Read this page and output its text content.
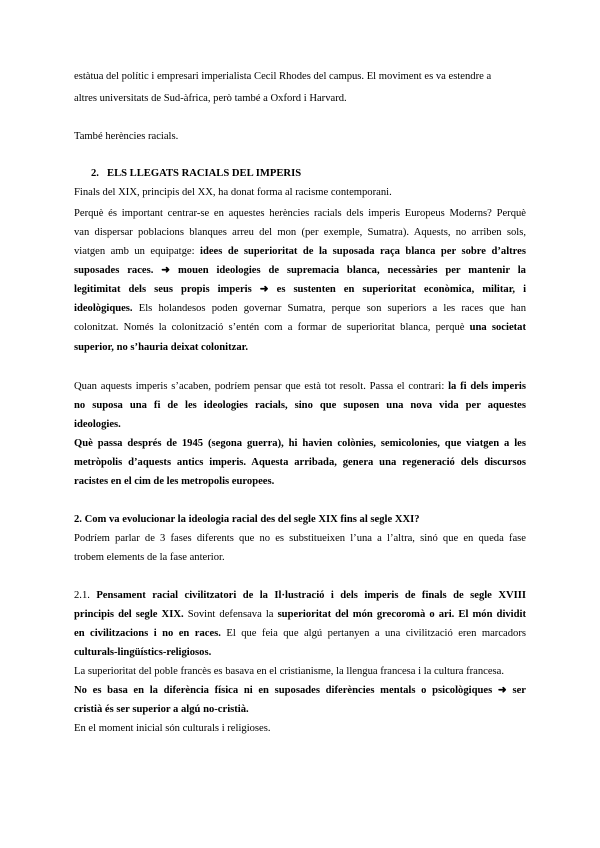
estàtua del polític i empresari imperialista Cecil Rhodes del campus. El moviment es va estendre a
altres universitats de Sud-àfrica, però també a Oxford i Harvard.
També herències racials.
2. ELS LLEGATS RACIALS DEL IMPERIS
Finals del XIX, principis del XX, ha donat forma al racisme contemporani.
Perquè és important centrar-se en aquestes herències racials dels imperis Europeus Moderns? Perquè
van dispersar poblacions blanques arreu del mon (per exemple, Sumatra). Aquests, no arriben sols,
viatgen amb un equipatge: idees de superioritat de la suposada raça blanca per sobre d’altres
suposades races. ➜ mouen ideologies de supremacia blanca, necessàries per mantenir la
legitimitat dels seus propis imperis ➜ es sustenten en superioritat econòmica, militar, i
ideològiques. Els holandesos poden governar Sumatra, perque son superiors a les races que han
colonitzat. Només la colonització s’entén com a formar de superioritat blanca, perquè una societat
superior, no s’hauria deixat colonitzar.
Quan aquests imperis s’acaben, podríem pensar que està tot resolt. Passa el contrari: la fi dels imperis
no suposa una fi de les ideologies racials, sino que suposen una nova vida per aquestes
ideologies.
Què passa després de 1945 (segona guerra), hi havien colònies, semicolonies, que viatgen a les
metròpolis d’aquests antics imperis. Aquesta arribada, genera una regeneració dels discursos
racistes en el cim de les metropolis europees.
2. Com va evolucionar la ideologia racial des del segle XIX fins al segle XXI?
Podríem parlar de 3 fases diferents que no es substitueixen l’una a l’altra, sinó que en queda fase
trobem elements de la fase anterior.
2.1. Pensament racial civilitzatori de la Il·lustració i dels imperis de finals de segle XVIII
principis del segle XIX. Sovint defensava la superioritat del món grecoromà o ari. El món dividit
en civilitzacions i no en races. El que feia que algú pertanyen a una civilització eren marcadors
culturals-lingüístics-religiosos.
La superioritat del poble francès es basava en el cristianisme, la llengua francesa i la cultura francesa.
No es basa en la diferència física ni en suposades diferències mentals o psicològiques ➜ ser
cristià és ser superior a algú no-cristià.
En el moment inicial són culturals i religioses.
